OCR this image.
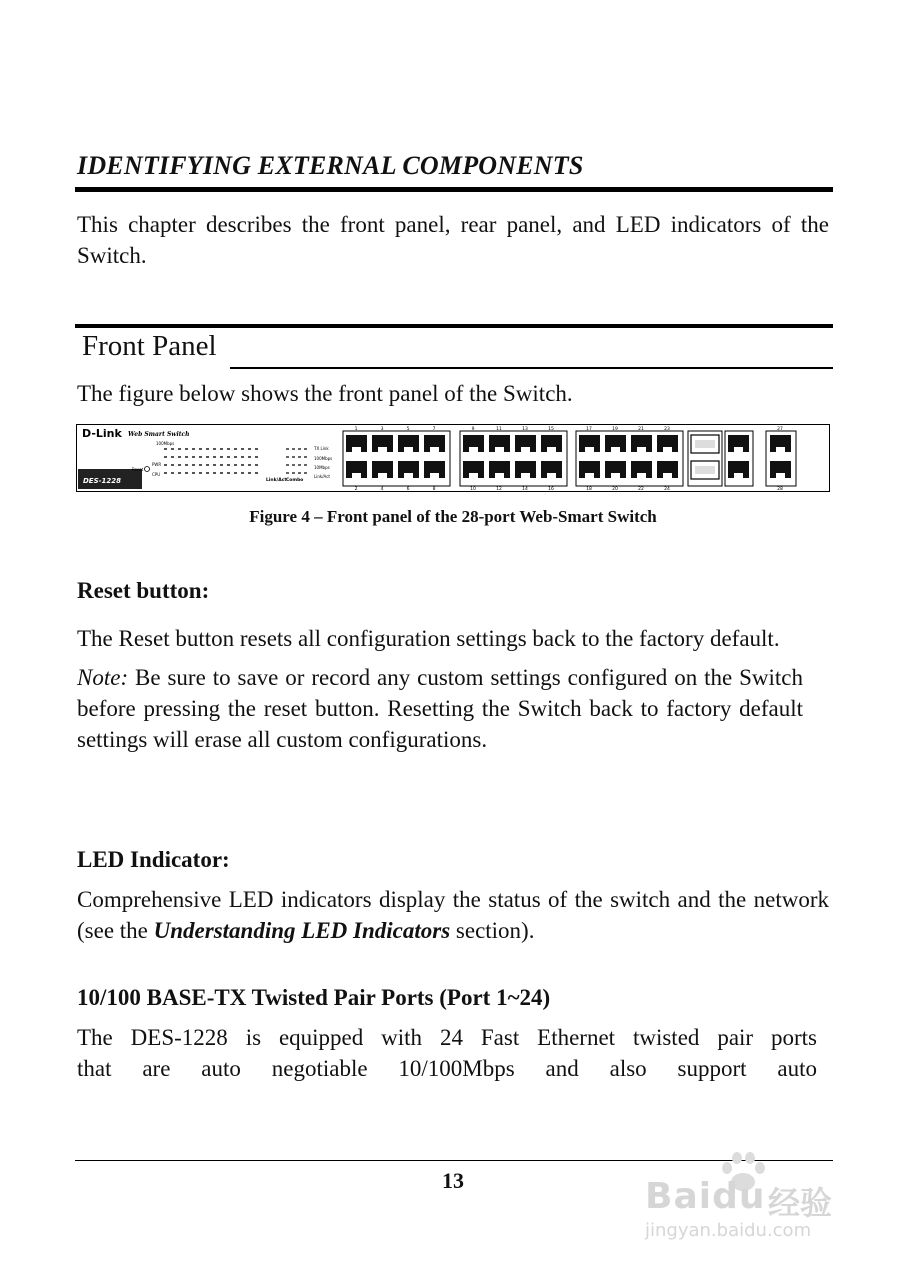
IDENTIFYING EXTERNAL COMPONENTS

This chapter describes the front panel, rear panel, and LED indicators of the Switch.

Front Panel

The figure below shows the front panel of the Switch.

D-Link Web Smart Switch
100Mbps
DES-1228
Reset
PWR
CPU
TX Link
100Mbps
10Mbps
Link/Act
Link/Act Combo
1	3	5	7	9	11	13	15	17	19	21	23	27
2	4	6	8	10	12	14	16	18	20	22	24	28
Figure 4 – Front panel of the 28-port Web-Smart Switch
Reset button:

The Reset button resets all configuration settings back to the factory default.

Note: Be sure to save or record any custom settings configured on the Switch before pressing the reset button. Resetting the Switch back to factory default settings will erase all custom configurations.

LED Indicator:

Comprehensive LED indicators display the status of the switch and the network (see the Understanding LED Indicators section).

10/100 BASE-TX Twisted Pair Ports (Port 1~24)

The DES-1228 is equipped with 24 Fast Ethernet twisted pair ports

that are auto negotiable 10/100Mbps and also support auto

13	Baidu 经验
jingyan.baidu.com
